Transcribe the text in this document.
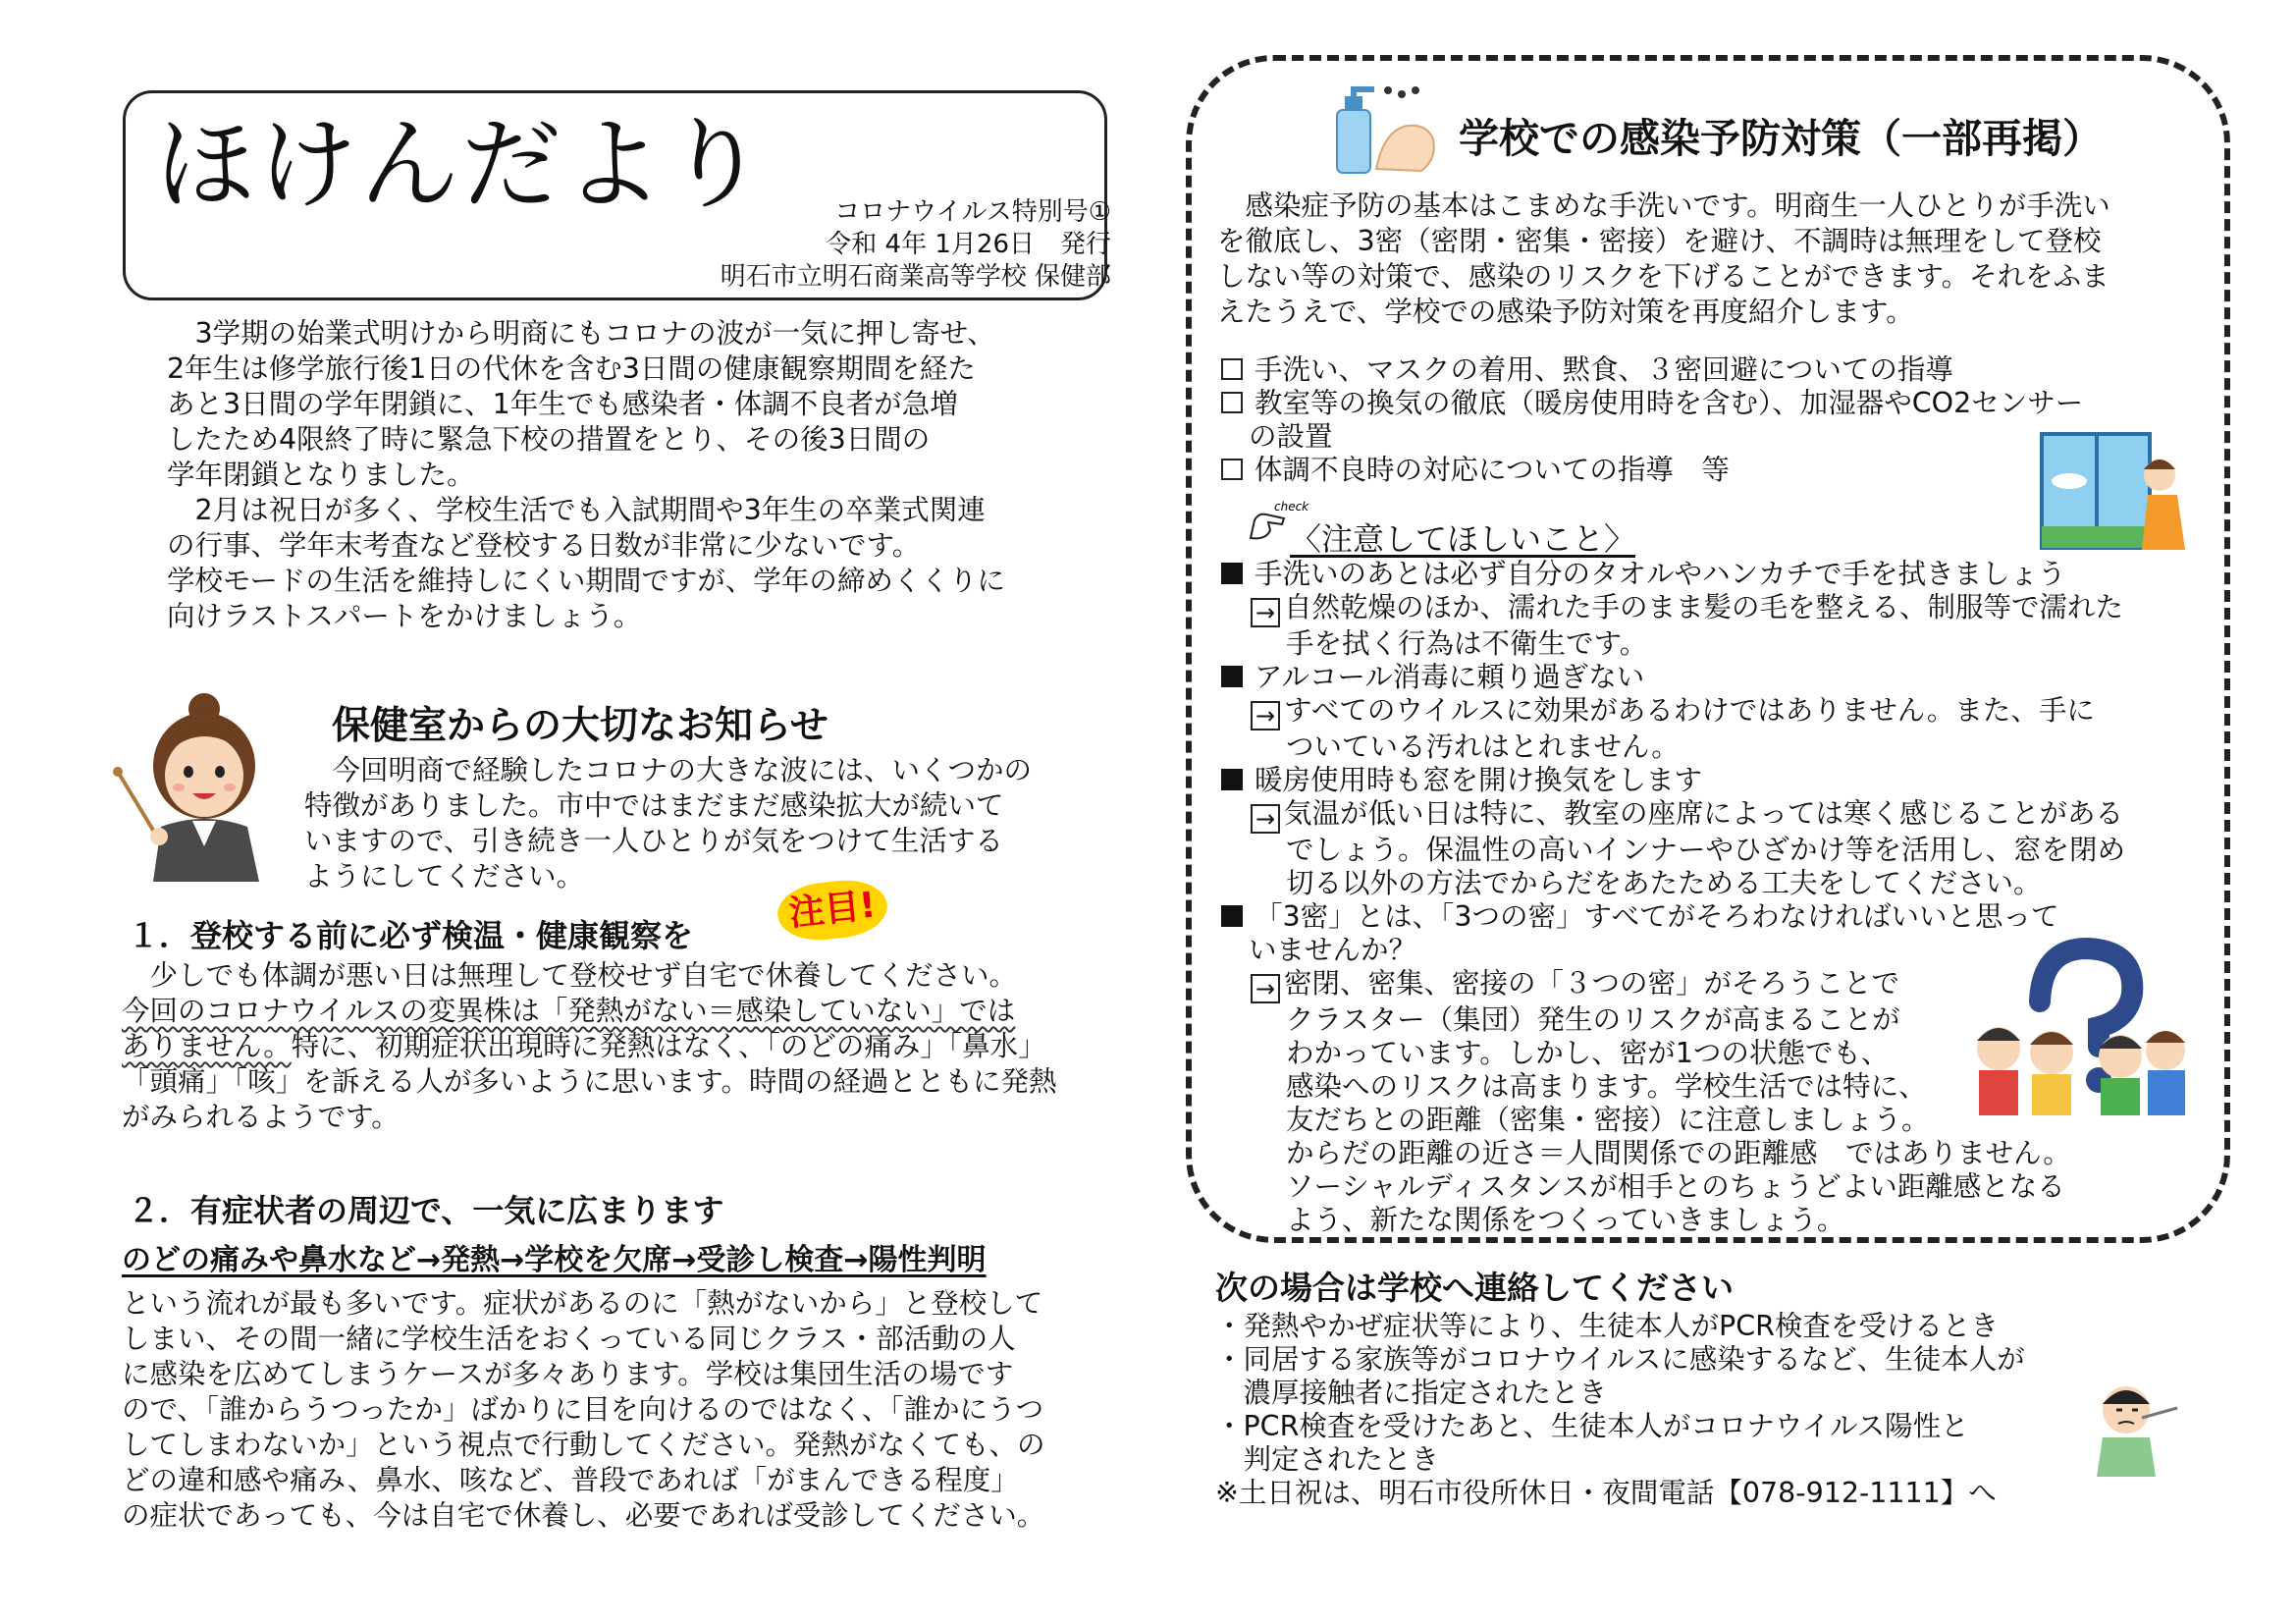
ほけんだより	コロナウイルス特別号①
令和 4年 1月26日　発行
明石市立明石商業高等学校 保健部
　3学期の始業式明けから明商にもコロナの波が一気に押し寄せ、
2年生は修学旅行後1日の代休を含む3日間の健康観察期間を経た
あと3日間の学年閉鎖に、1年生でも感染者・体調不良者が急増
したため4限終了時に緊急下校の措置をとり、その後3日間の
学年閉鎖となりました。
　2月は祝日が多く、学校生活でも入試期間や3年生の卒業式関連
の行事、学年末考査など登校する日数が非常に少ないです。
学校モードの生活を維持しにくい期間ですが、学年の締めくくりに
向けラストスパートをかけましょう。
保健室からの大切なお知らせ
　今回明商で経験したコロナの大きな波には、いくつかの
特徴がありました。市中ではまだまだ感染拡大が続いて
いますので、引き続き一人ひとりが気をつけて生活する
ようにしてください。
１．登校する前に必ず検温・健康観察を
注目!
　少しでも体調が悪い日は無理して登校せず自宅で休養してください。
今回のコロナウイルスの変異株は「発熱がない＝感染していない」では
ありません。特に、初期症状出現時に発熱はなく、「のどの痛み」「鼻水」
「頭痛」「咳」を訴える人が多いように思います。時間の経過とともに発熱
がみられるようです。
２．有症状者の周辺で、一気に広まります
のどの痛みや鼻水など→発熱→学校を欠席→受診し検査→陽性判明
という流れが最も多いです。症状があるのに「熱がないから」と登校して
しまい、その間一緒に学校生活をおくっている同じクラス・部活動の人
に感染を広めてしまうケースが多々あります。学校は集団生活の場です
ので、「誰からうつったか」ばかりに目を向けるのではなく、「誰かにうつ
してしまわないか」という視点で行動してください。発熱がなくても、の
どの違和感や痛み、鼻水、咳など、普段であれば「がまんできる程度」
の症状であっても、今は自宅で休養し、必要であれば受診してください。
学校での感染予防対策（一部再掲）
　感染症予防の基本はこまめな手洗いです。明商生一人ひとりが手洗い
を徹底し、3密（密閉・密集・密接）を避け、不調時は無理をして登校
しない等の対策で、感染のリスクを下げることができます。それをふま
えたうえで、学校での感染予防対策を再度紹介します。
手洗い、マスクの着用、黙食、３密回避についての指導
教室等の換気の徹底（暖房使用時を含む）、加湿器やCO2センサー
の設置
体調不良時の対応についての指導　等
check
〈注意してほしいこと〉
手洗いのあとは必ず自分のタオルやハンカチで手を拭きましょう
→ 自然乾燥のほか、濡れた手のまま髪の毛を整える、制服等で濡れた
手を拭く行為は不衛生です。
アルコール消毒に頼り過ぎない
→ すべてのウイルスに効果があるわけではありません。また、手に
ついている汚れはとれません。
暖房使用時も窓を開け換気をします
→ 気温が低い日は特に、教室の座席によっては寒く感じることがある
でしょう。保温性の高いインナーやひざかけ等を活用し、窓を閉め
切る以外の方法でからだをあたためる工夫をしてください。
「3密」とは、「3つの密」すべてがそろわなければいいと思って
いませんか？
→ 密閉、密集、密接の「３つの密」がそろうことで
クラスター（集団）発生のリスクが高まることが
わかっています。しかし、密が1つの状態でも、
感染へのリスクは高まります。学校生活では特に、
友だちとの距離（密集・密接）に注意しましょう。
からだの距離の近さ＝人間関係での距離感　ではありません。
ソーシャルディスタンスが相手とのちょうどよい距離感となる
よう、新たな関係をつくっていきましょう。
次の場合は学校へ連絡してください
・発熱やかぜ症状等により、生徒本人がPCR検査を受けるとき
・同居する家族等がコロナウイルスに感染するなど、生徒本人が
　濃厚接触者に指定されたとき
・PCR検査を受けたあと、生徒本人がコロナウイルス陽性と
　判定されたとき
※土日祝は、明石市役所休日・夜間電話【078-912-1111】へ
